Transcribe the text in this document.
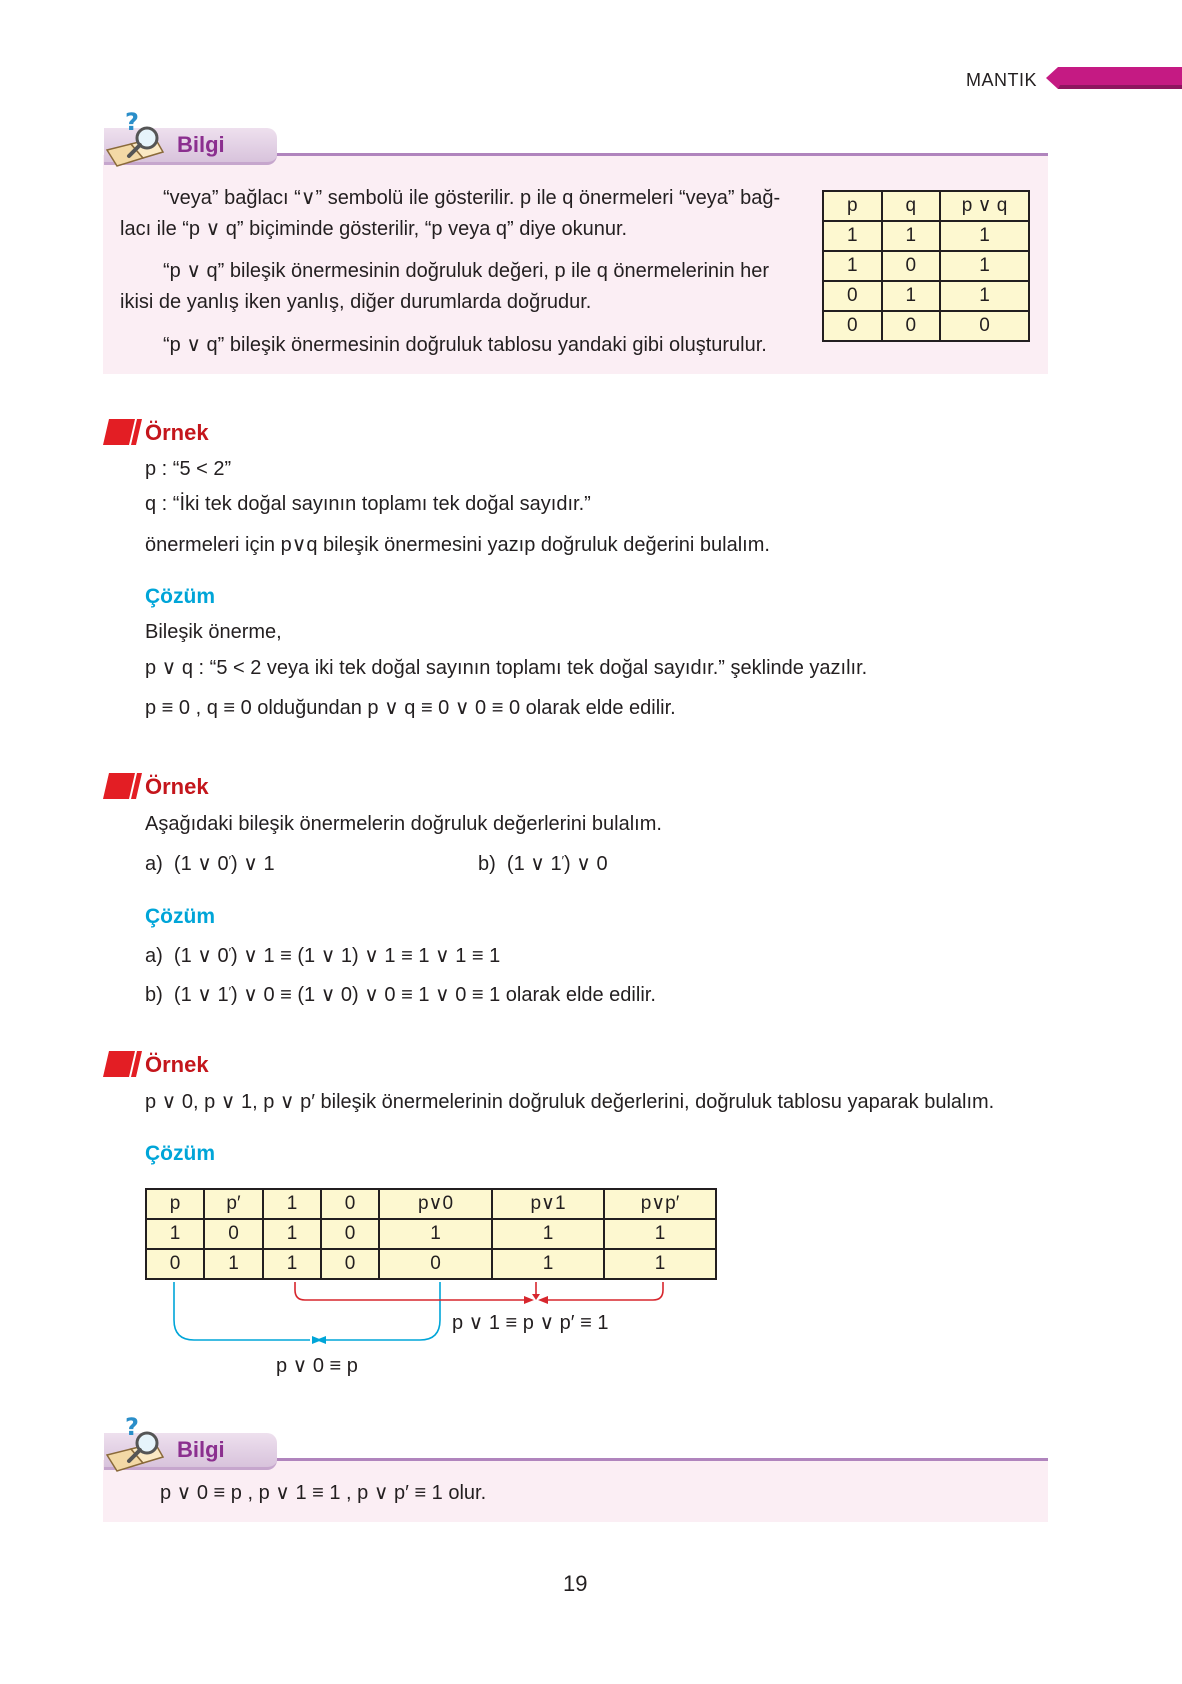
MANTIK
?
Bilgi
“veya” bağlacı “∨” sembolü ile gösterilir. p ile q önermeleri “veya” bağ-
lacı ile “p ∨ q” biçiminde gösterilir, “p veya q” diye okunur.
“p ∨ q” bileşik önermesinin doğruluk değeri, p ile q önermelerinin her
ikisi de yanlış iken yanlış, diğer durumlarda doğrudur.
“p ∨ q” bileşik önermesinin doğruluk tablosu yandaki gibi oluşturulur.
p	q	p ∨ q
1	1	1
1	0	1
0	1	1
0	0	0
Örnek
p : “5 < 2”
q : “İki tek doğal sayının toplamı tek doğal sayıdır.”
önermeleri için p∨q bileşik önermesini yazıp doğruluk değerini bulalım.
Çözüm
Bileşik önerme,
p ∨ q : “5 < 2 veya iki tek doğal sayının toplamı tek doğal sayıdır.” şeklinde yazılır.
p ≡ 0 , q ≡ 0 olduğundan p ∨ q ≡ 0 ∨ 0 ≡ 0 olarak elde edilir.
Örnek
Aşağıdaki bileşik önermelerin doğruluk değerlerini bulalım.
a) (1 ∨ 0′) ∨ 1	b) (1 ∨ 1′) ∨ 0
Çözüm
a) (1 ∨ 0′) ∨ 1 ≡ (1 ∨ 1) ∨ 1 ≡ 1 ∨ 1 ≡ 1
b) (1 ∨ 1′) ∨ 0 ≡ (1 ∨ 0) ∨ 0 ≡ 1 ∨ 0 ≡ 1 olarak elde edilir.
Örnek
p ∨ 0, p ∨ 1, p ∨ p′ bileşik önermelerinin doğruluk değerlerini, doğruluk tablosu yaparak bulalım.
Çözüm
p	p′	1	0	p∨0	p∨1	p∨p′
1	0	1	0	1	1	1
0	1	1	0	0	1	1
p ∨ 1 ≡ p ∨ p′ ≡ 1
p ∨ 0 ≡ p
?
Bilgi
p ∨ 0 ≡ p , p ∨ 1 ≡ 1 , p ∨ p′ ≡ 1 olur.
19
